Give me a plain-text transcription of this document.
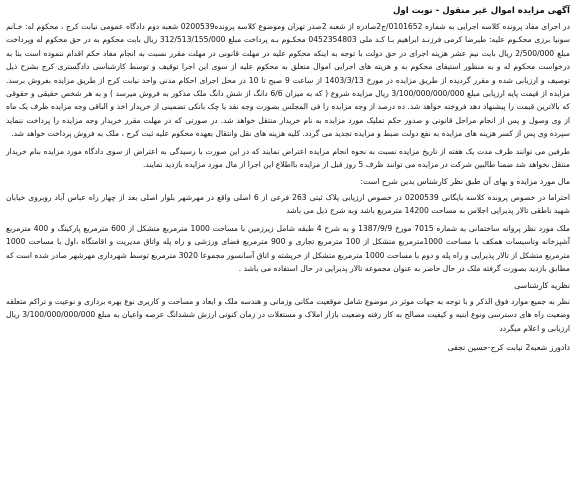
آگهی مزایده اموال غیر منقول - نوبت اول

در اجرای مفاد پرونده کلاسه اجرایی به شماره 0101652/ج2صادره از شعبه 2صدر تهران وموضوع کلاسه پرونده0200539 شعبه دوم دادگاه عمومی نیابت کرج ، محکوم له: خـانم سونیا برزی محکـوم علیه: طیرضا کرمی فرزنـد ابراهیم بـا کـد ملی 0452354803 محکـوم بـه پرداخت مبلغ 312/513/155/000 ریال بابت محکوم به در حق محکوم له وپرداخت مبلغ 2/500/000 ریال بابت نیم عشر هزینه اجرای در حق دولت با توجه به اینکه محکوم علیه در مهلت قانونی در مهلت مقرر نسبت به انجام مفاد حکم اقدام ننموده است بنا به درخواست محکوم له و به منظور استیفای محکوم به و هزینه های اجرایی اموال متعلق به محکوم علیه از سوی این اجرا توقیف و توسط کارشناسی دادگستری کرج بشرح ذیل توصیف و ارزیابی شده و مقرر گردیده از طریق مزایده در مورخ 1403/3/13 از ساعت 9 صبح تا 10 در محل اجرای احکام مدنی واحد نیابت کرج از طریق مزایده بفروش برسد. مزایده از قیمت پایه ارزیابی مبلغ 3/100/000/000/000 ریال مزایده شروع ( که به میزان 6/6 دانگ از شش دانگ ملک مذکور به فروش میرسد ) و به هر شخص حقیقی و حقوقی که بالاترین قیمت را پیشنهاد دهد فروخته خواهد شد. ده درصد از وجه مزایده را فی المجلس بصورت وجه نقد یا چک بانکی تضمینی از خریدار اخذ و الباقی وجه مزایده ظرف یک ماه از وی وصول و پس از انجام مراحل قانونی و صدور حکم تملیک مورد مزایده به نام خریدار منتقل خواهد شد. در صورتی که در مهلت مقرر خریدار وجه مزایده را پرداخت ننماید سپرده وی پس از کسر هزینه های مزایده به نفع دولت ضبط و مزایده تجدید می گردد. کلیه هزینه های نقل وانتقال بعهده محکوم علیه ثبت کرج ، ملک به فروش پرداخت خواهد شد.

طرفین می توانند ظرف مدت یک هفته از تاریخ مزایده نسبت به نحوه انجام مزایده اعتراض نمایند که در این صورت با رسیدگی به اعتراض از سوی دادگاه مورد مزایده بنام خریدار منتقل نخواهد شد ضمنا طالبین شرکت در مزایده می توانند ظرف 5 روز قبل از مزایده بااطلاع این اجرا از مال مورد مزایده بازدید نمایند.

مال مورد مزایده و بهای آن طبق نظر کارشناس بدین شرح است:

احتراما در خصوص پرونده کلاسه بایگانی 0200539 در خصوص ارزیابی پلاک ثبتی 263 فرعی از 6 اصلی واقع در مهرشهر بلوار اصلی بعد از چهار راه عباس آباد روبروی خیابان شهید ناطقی تالار پذیرایی اجلاس به مساحت 14200 مترمربع باشد وبه شرح ذیل می باشد

ملک مورد نظر پروانه ساختمانی به شماره 7015 مورخ 1387/9/9 و به شرح 4 طبقه شامل زیرزمین با مساحت 1000 مترمربع متشکل از 600 مترمربع پارکینگ و 400 مترمربع آشپزخانه وتاسیسات همکف با مساحت 1000مترمربع متشکل از 100 مترمربع تجاری و 900 مترمربع فضای ورزشی و راه پله واتاق مدیریت و اقامتگاه ،اول با مساحت 1000 مترمربع متشکل از تالار پذیرایی و راه پله و دوم با مساحت 1000 مترمربع متشکل از خرپشته و اتاق آسانسور مجموعا 3020 مترمربع توسط شهرداری مهرشهر صادر شده است که مطابق بازدید بصورت گرفته ملک در حال حاضر به عنوان مجموعه تالار پذیرایی در حال استفاده می باشد .

نظریه کارشناسی

نظر به جمیع موارد فوق الذکر و با توجه به جهات موثر در موضوع شامل موقعیت مکانی وزمانی و هندسه ملک و ابعاد و مساحت و کاربری نوع بهره برداری و نوعیت و تراکم متعلقه وضعیت راه های دسترسی ونوع ابنیه و کیفیت مصالح به کار رفته وضعیت بازار املاک و مستغلات در زمان کنونی ارزش ششدانگ عرصه واعیان به مبلغ 3/100/000/000/000 ریال ارزیابی و اعلام میگردد

دادورز شعبه2 نیابت کرج-حسین نجفی
